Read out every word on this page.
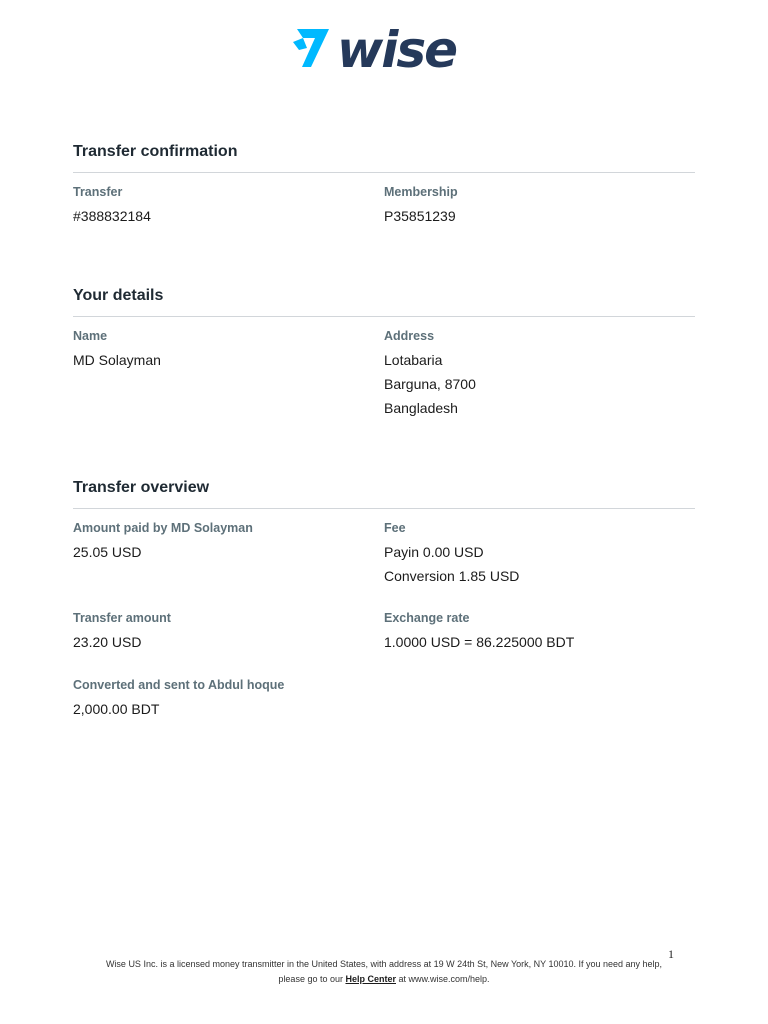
wise
Transfer confirmation
Transfer
#388832184
Membership
P35851239
Your details
Name
MD Solayman
Address
Lotabaria
Barguna, 8700
Bangladesh
Transfer overview
Amount paid by MD Solayman
25.05 USD
Fee
Payin 0.00 USD
Conversion 1.85 USD
Transfer amount
23.20 USD
Exchange rate
1.0000 USD = 86.225000 BDT
Converted and sent to Abdul hoque
2,000.00 BDT
1
Wise US Inc. is a licensed money transmitter in the United States, with address at 19 W 24th St, New York, NY 10010. If you need any help, please go to our Help Center at www.wise.com/help.
